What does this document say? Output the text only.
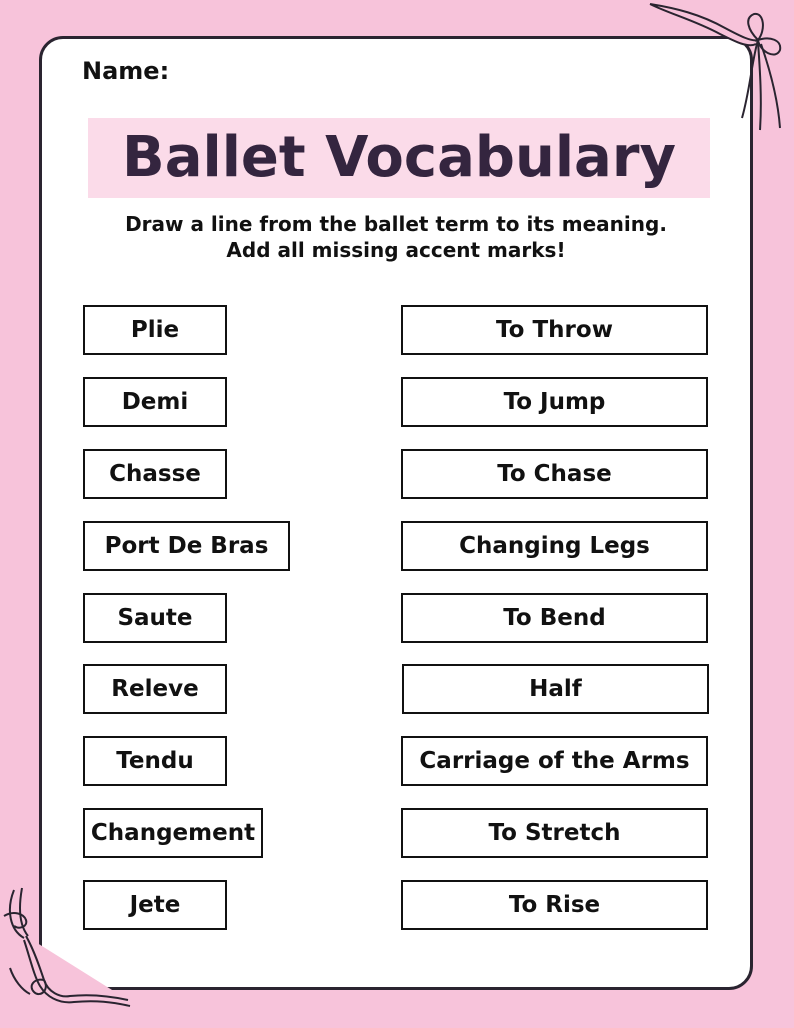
Name:
Ballet Vocabulary
Draw a line from the ballet term to its meaning.
Add all missing accent marks!
Plie
Demi
Chasse
Port De Bras
Saute
Releve
Tendu
Changement
Jete
To Throw
To Jump
To Chase
Changing Legs
To Bend
Half
Carriage of the Arms
To Stretch
To Rise
